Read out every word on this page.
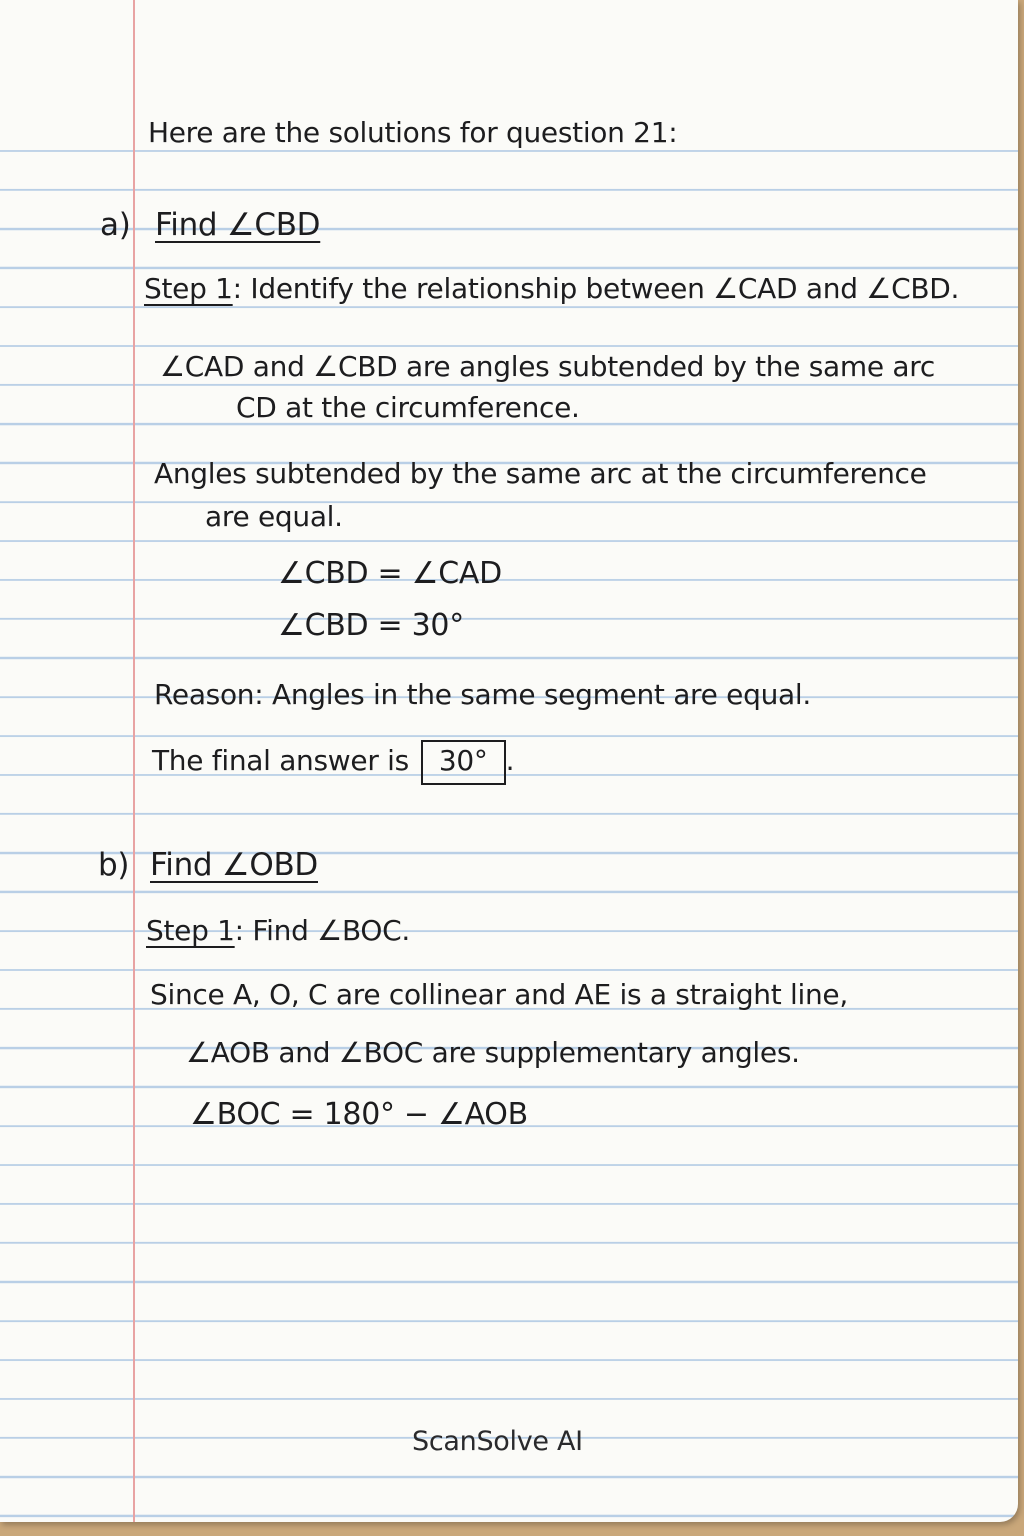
Here are the solutions for question 21:
a) Find ∠CBD
Step 1: Identify the relationship between ∠CAD and ∠CBD.
∠CAD and ∠CBD are angles subtended by the same arc
CD at the circumference.
Angles subtended by the same arc at the circumference
are equal.
∠CBD = ∠CAD
∠CBD = 30°
Reason: Angles in the same segment are equal.
The final answer is 30° .
b) Find ∠OBD
Step 1: Find ∠BOC.
Since A, O, C are collinear and AE is a straight line,
∠AOB and ∠BOC are supplementary angles.
∠BOC = 180° − ∠AOB
ScanSolve AI
